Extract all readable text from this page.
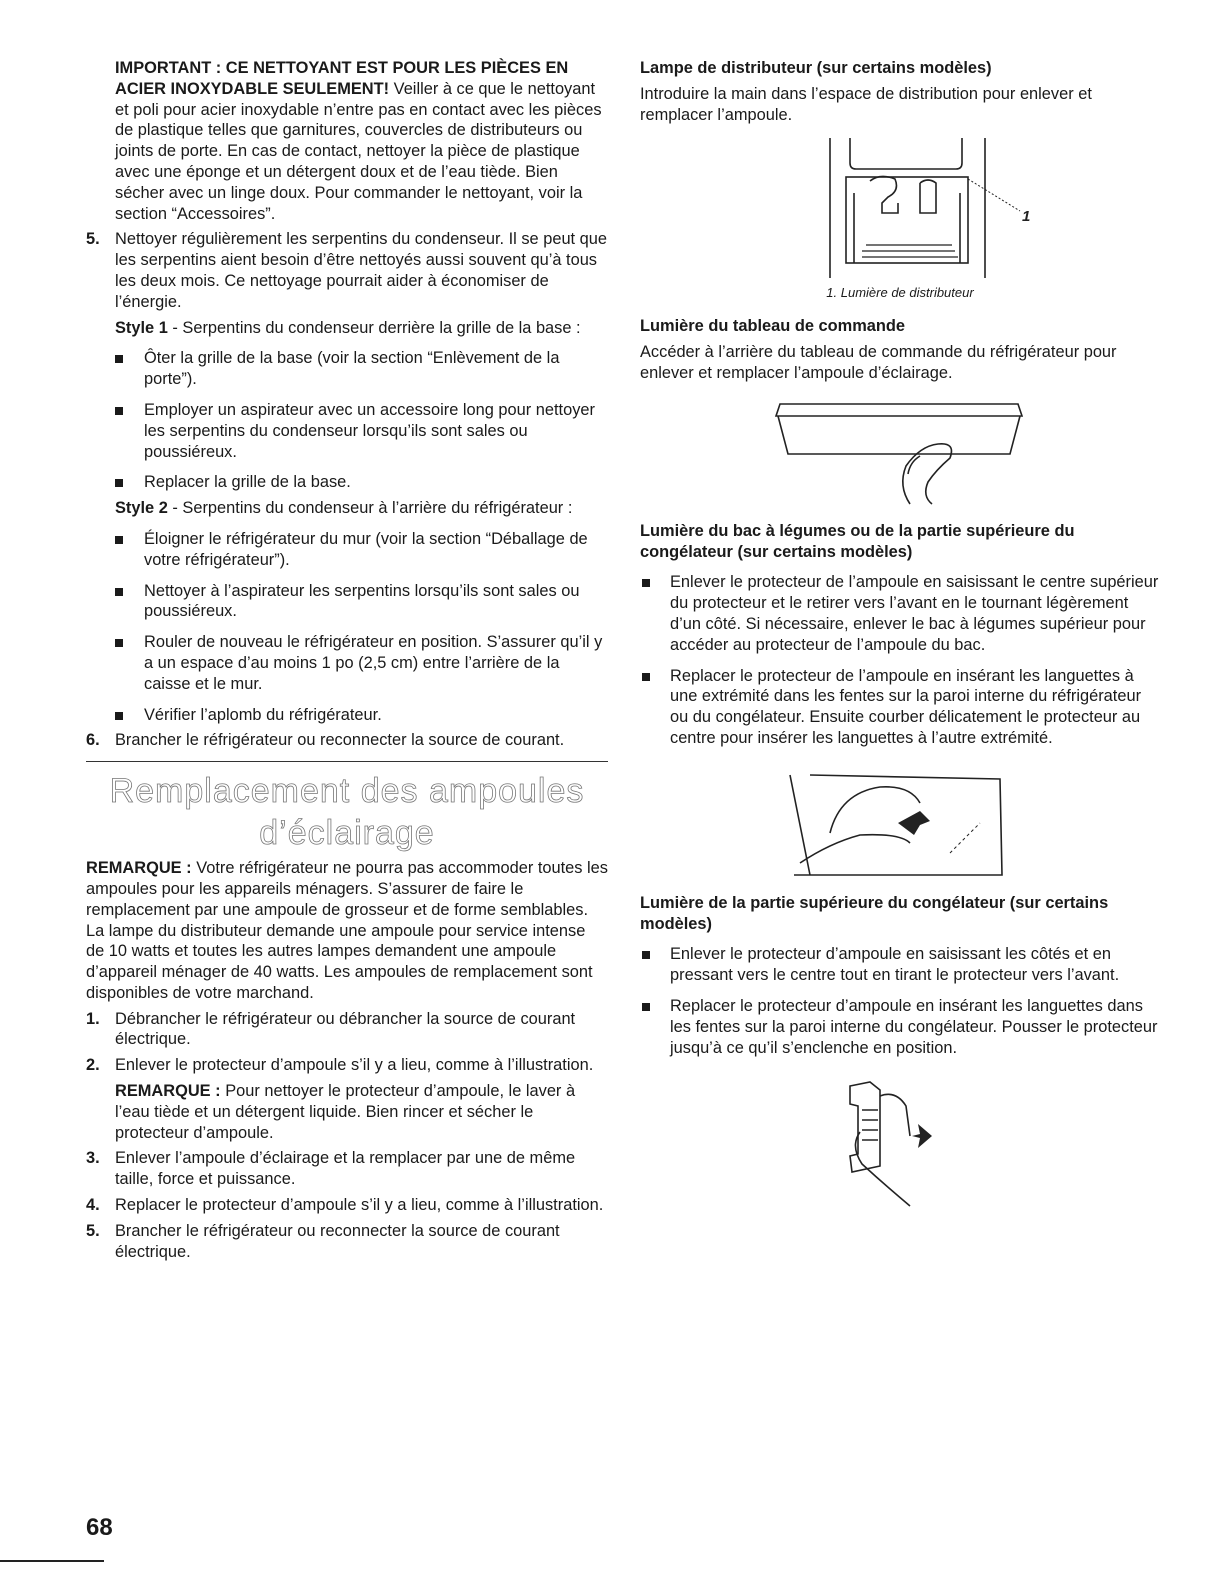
IMPORTANT : CE NETTOYANT EST POUR LES PIÈCES EN ACIER INOXYDABLE SEULEMENT! Veiller à ce que le nettoyant et poli pour acier inoxydable n’entre pas en contact avec les pièces de plastique telles que garnitures, couvercles de distributeurs ou joints de porte. En cas de contact, nettoyer la pièce de plastique avec une éponge et un détergent doux et de l’eau tiède. Bien sécher avec un linge doux. Pour commander le nettoyant, voir la section “Accessoires”.

5. Nettoyer régulièrement les serpentins du condenseur. Il se peut que les serpentins aient besoin d’être nettoyés aussi souvent qu’à tous les deux mois. Ce nettoyage pourrait aider à économiser de l’énergie.

Style 1 - Serpentins du condenseur derrière la grille de la base :

Ôter la grille de la base (voir la section “Enlèvement de la porte”).

Employer un aspirateur avec un accessoire long pour nettoyer les serpentins du condenseur lorsqu’ils sont sales ou poussiéreux.

Replacer la grille de la base.

Style 2 - Serpentins du condenseur à l’arrière du réfrigérateur :

Éloigner le réfrigérateur du mur (voir la section “Déballage de votre réfrigérateur”).

Nettoyer à l’aspirateur les serpentins lorsqu’ils sont sales ou poussiéreux.

Rouler de nouveau le réfrigérateur en position. S’assurer qu’il y a un espace d’au moins 1 po (2,5 cm) entre l’arrière de la caisse et le mur.

Vérifier l’aplomb du réfrigérateur.

6. Brancher le réfrigérateur ou reconnecter la source de courant.

Remplacement des ampoules
d’éclairage

REMARQUE : Votre réfrigérateur ne pourra pas accommoder toutes les ampoules pour les appareils ménagers. S’assurer de faire le remplacement par une ampoule de grosseur et de forme semblables. La lampe du distributeur demande une ampoule pour service intense de 10 watts et toutes les autres lampes demandent une ampoule d’appareil ménager de 40 watts. Les ampoules de remplacement sont disponibles de votre marchand.

1. Débrancher le réfrigérateur ou débrancher la source de courant électrique.

2. Enlever le protecteur d’ampoule s’il y a lieu, comme à l’illustration.

REMARQUE : Pour nettoyer le protecteur d’ampoule, le laver à l’eau tiède et un détergent liquide. Bien rincer et sécher le protecteur d’ampoule.

3. Enlever l’ampoule d’éclairage et la remplacer par une de même taille, force et puissance.

4. Replacer le protecteur d’ampoule s’il y a lieu, comme à l’illustration.

5. Brancher le réfrigérateur ou reconnecter la source de courant électrique.

Lampe de distributeur (sur certains modèles)

Introduire la main dans l’espace de distribution pour enlever et remplacer l’ampoule.

1

1. Lumière de distributeur

Lumière du tableau de commande

Accéder à l’arrière du tableau de commande du réfrigérateur pour enlever et remplacer l’ampoule d’éclairage.

Lumière du bac à légumes ou de la partie supérieure du congélateur (sur certains modèles)

Enlever le protecteur de l’ampoule en saisissant le centre supérieur du protecteur et le retirer vers l’avant en le tournant légèrement d’un côté. Si nécessaire, enlever le bac à légumes supérieur pour accéder au protecteur de l’ampoule du bac.

Replacer le protecteur de l’ampoule en insérant les languettes à une extrémité dans les fentes sur la paroi interne du réfrigérateur ou du congélateur. Ensuite courber délicatement le protecteur au centre pour insérer les languettes à l’autre extrémité.

Lumière de la partie supérieure du congélateur (sur certains modèles)

Enlever le protecteur d’ampoule en saisissant les côtés et en pressant vers le centre tout en tirant le protecteur vers l’avant.

Replacer le protecteur d’ampoule en insérant les languettes dans les fentes sur la paroi interne du congélateur. Pousser le protecteur jusqu’à ce qu’il s’enclenche en position.

68
